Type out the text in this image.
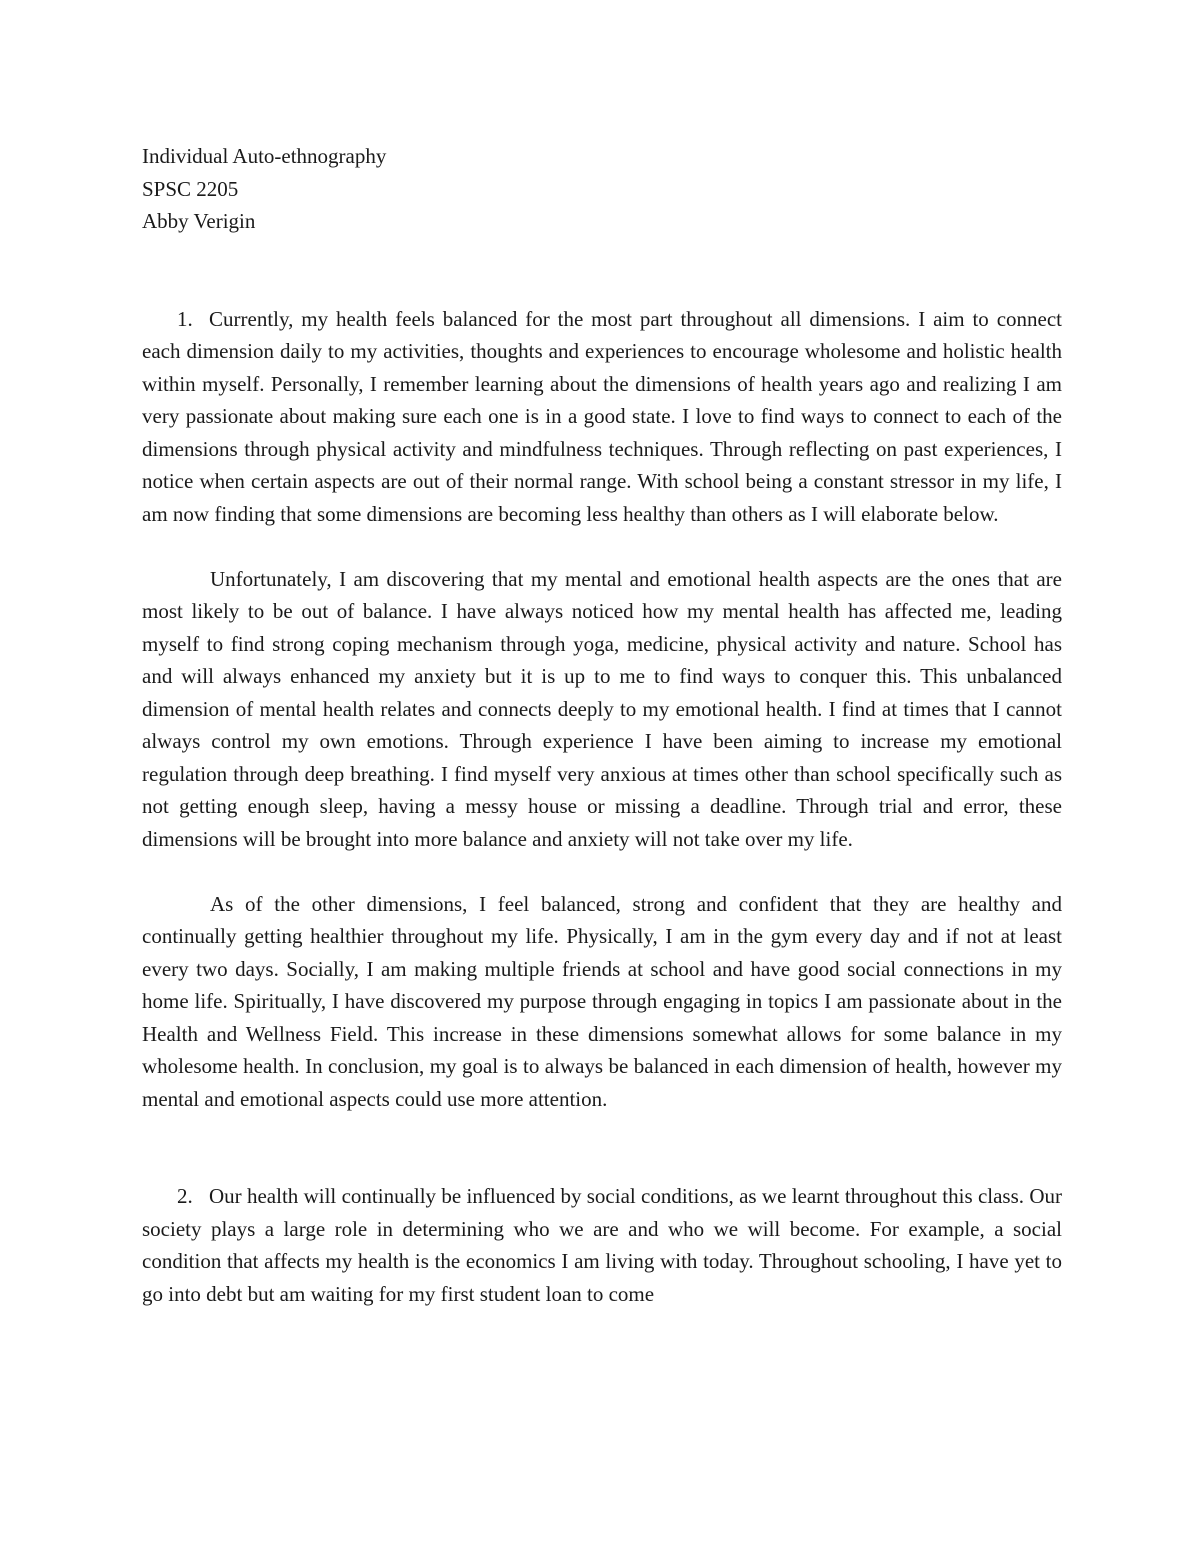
Individual Auto-ethnography
SPSC 2205
Abby Verigin

1. Currently, my health feels balanced for the most part throughout all dimensions. I aim to connect each dimension daily to my activities, thoughts and experiences to encourage wholesome and holistic health within myself. Personally, I remember learning about the dimensions of health years ago and realizing I am very passionate about making sure each one is in a good state. I love to find ways to connect to each of the dimensions through physical activity and mindfulness techniques. Through reflecting on past experiences, I notice when certain aspects are out of their normal range. With school being a constant stressor in my life, I am now finding that some dimensions are becoming less healthy than others as I will elaborate below.

Unfortunately, I am discovering that my mental and emotional health aspects are the ones that are most likely to be out of balance. I have always noticed how my mental health has affected me, leading myself to find strong coping mechanism through yoga, medicine, physical activity and nature. School has and will always enhanced my anxiety but it is up to me to find ways to conquer this. This unbalanced dimension of mental health relates and connects deeply to my emotional health. I find at times that I cannot always control my own emotions. Through experience I have been aiming to increase my emotional regulation through deep breathing. I find myself very anxious at times other than school specifically such as not getting enough sleep, having a messy house or missing a deadline. Through trial and error, these dimensions will be brought into more balance and anxiety will not take over my life.

As of the other dimensions, I feel balanced, strong and confident that they are healthy and continually getting healthier throughout my life. Physically, I am in the gym every day and if not at least every two days. Socially, I am making multiple friends at school and have good social connections in my home life. Spiritually, I have discovered my purpose through engaging in topics I am passionate about in the Health and Wellness Field. This increase in these dimensions somewhat allows for some balance in my wholesome health. In conclusion, my goal is to always be balanced in each dimension of health, however my mental and emotional aspects could use more attention.

2. Our health will continually be influenced by social conditions, as we learnt throughout this class. Our society plays a large role in determining who we are and who we will become. For example, a social condition that affects my health is the economics I am living with today. Throughout schooling, I have yet to go into debt but am waiting for my first student loan to come
